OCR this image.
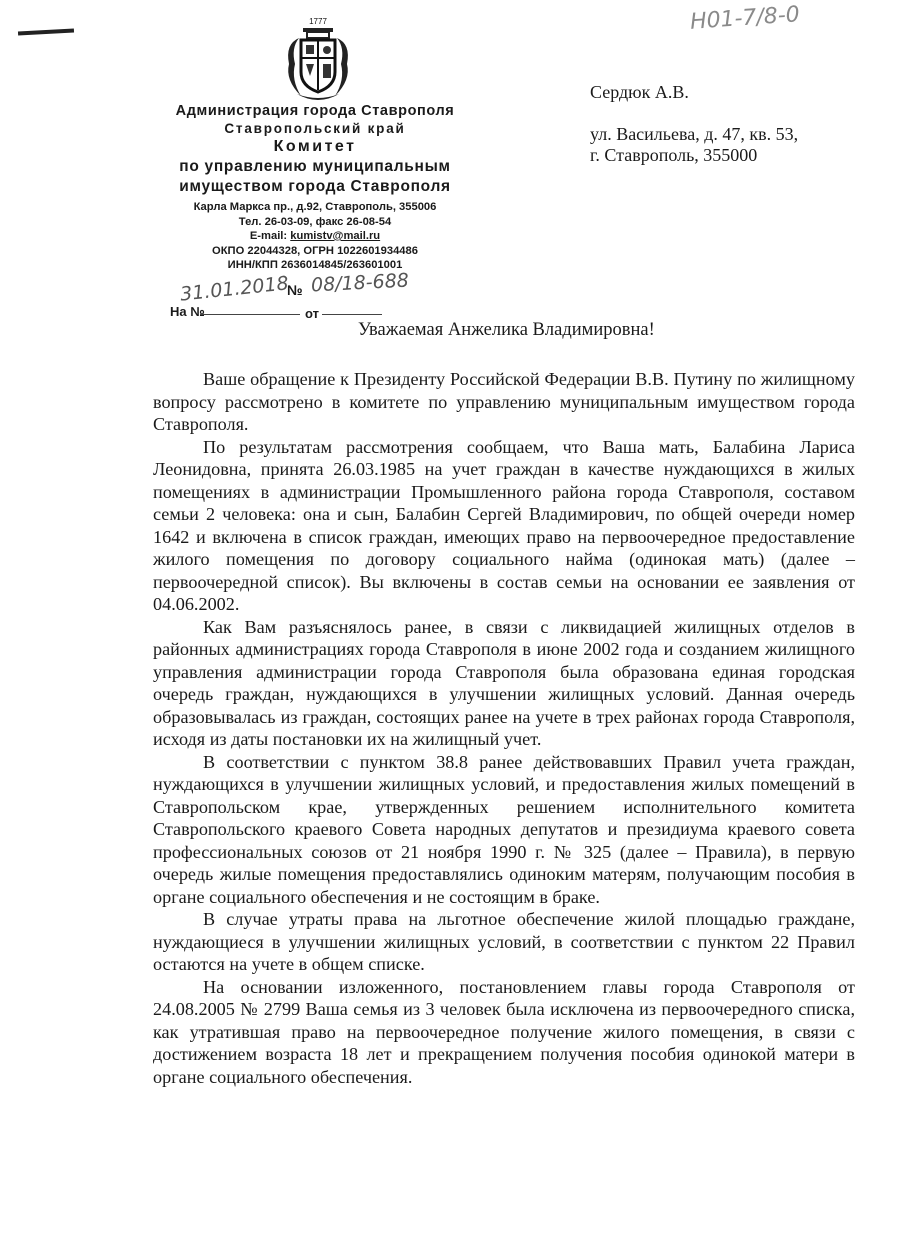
Н01-7/8-0
1777
Администрация города Ставрополя
Ставропольский край
Комитет
по управлению муниципальным
имуществом города Ставрополя
Карла Маркса пр., д.92, Ставрополь, 355006
Тел. 26-03-09, факс 26-08-54
E-mail: kumistv@mail.ru
ОКПО 22044328, ОГРН 1022601934486
ИНН/КПП 2636014845/263601001
31.01.2018
№ 08/18-688
На №	от
Сердюк А.В.
ул. Васильева, д. 47, кв. 53,
г. Ставрополь, 355000
Уважаемая Анжелика Владимировна!

Ваше обращение к Президенту Российской Федерации В.В. Путину по жилищному вопросу рассмотрено в комитете по управлению муниципальным имуществом города Ставрополя.

По результатам рассмотрения сообщаем, что Ваша мать, Балабина Лариса Леонидовна, принята 26.03.1985 на учет граждан в качестве нуждающихся в жилых помещениях в администрации Промышленного района города Ставрополя, составом семьи 2 человека: она и сын, Балабин Сергей Владимирович, по общей очереди номер 1642 и включена в список граждан, имеющих право на первоочередное предоставление жилого помещения по договору социального найма (одинокая мать) (далее – первоочередной список). Вы включены в состав семьи на основании ее заявления от 04.06.2002.

Как Вам разъяснялось ранее, в связи с ликвидацией жилищных отделов в районных администрациях города Ставрополя в июне 2002 года и созданием жилищного управления администрации города Ставрополя была образована единая городская очередь граждан, нуждающихся в улучшении жилищных условий. Данная очередь образовывалась из граждан, состоящих ранее на учете в трех районах города Ставрополя, исходя из даты постановки их на жилищный учет.

В соответствии с пунктом 38.8 ранее действовавших Правил учета граждан, нуждающихся в улучшении жилищных условий, и предоставления жилых помещений в Ставропольском крае, утвержденных решением исполнительного комитета Ставропольского краевого Совета народных депутатов и президиума краевого совета профессиональных союзов от 21 ноября 1990 г. № 325 (далее – Правила), в первую очередь жилые помещения предоставлялись одиноким матерям, получающим пособия в органе социального обеспечения и не состоящим в браке.

В случае утраты права на льготное обеспечение жилой площадью граждане, нуждающиеся в улучшении жилищных условий, в соответствии с пунктом 22 Правил остаются на учете в общем списке.

На основании изложенного, постановлением главы города Ставрополя от 24.08.2005 № 2799 Ваша семья из 3 человек была исключена из первоочередного списка, как утратившая право на первоочередное получение жилого помещения, в связи с достижением возраста 18 лет и прекращением получения пособия одинокой матери в органе социального обеспечения.
